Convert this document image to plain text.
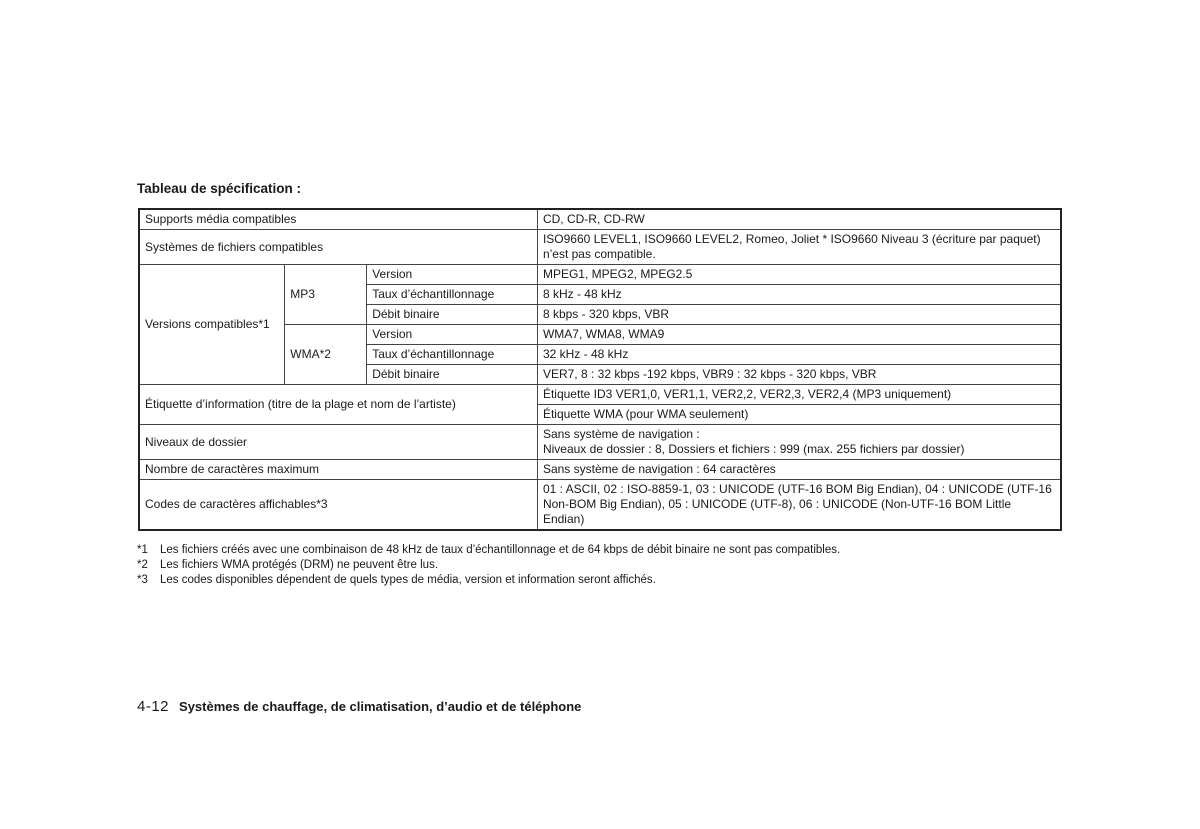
Tableau de spécification :
Supports média compatibles			CD, CD-R, CD-RW
Systèmes de fichiers compatibles			ISO9660 LEVEL1, ISO9660 LEVEL2, Romeo, Joliet * ISO9660 Niveau 3 (écriture par paquet) n’est pas compatible.
Versions compatibles*1	MP3	Version	MPEG1, MPEG2, MPEG2.5
		Taux d’échantillonnage	8 kHz - 48 kHz
		Débit binaire	8 kbps - 320 kbps, VBR
	WMA*2	Version	WMA7, WMA8, WMA9
		Taux d’échantillonnage	32 kHz - 48 kHz
		Débit binaire	VER7, 8 : 32 kbps -192 kbps, VBR9 : 32 kbps - 320 kbps, VBR
Étiquette d’information (titre de la plage et nom de l’artiste)			Étiquette ID3 VER1,0, VER1,1, VER2,2, VER2,3, VER2,4 (MP3 uniquement)
			Étiquette WMA (pour WMA seulement)
Niveaux de dossier			Sans système de navigation :
Niveaux de dossier : 8, Dossiers et fichiers : 999 (max. 255 fichiers par dossier)

Nombre de caractères maximum			Sans système de navigation : 64 caractères
Codes de caractères affichables*3			01 : ASCII, 02 : ISO-8859-1, 03 : UNICODE (UTF-16 BOM Big Endian), 04 : UNICODE (UTF-16 Non-BOM Big Endian), 05 : UNICODE (UTF-8), 06 : UNICODE (Non-UTF-16 BOM Little Endian)
*1	Les fichiers créés avec une combinaison de 48 kHz de taux d’échantillonnage et de 64 kbps de débit binaire ne sont pas compatibles.
*2	Les fichiers WMA protégés (DRM) ne peuvent être lus.
*3	Les codes disponibles dépendent de quels types de média, version et information seront affichés.
4-12 Systèmes de chauffage, de climatisation, d’audio et de téléphone
